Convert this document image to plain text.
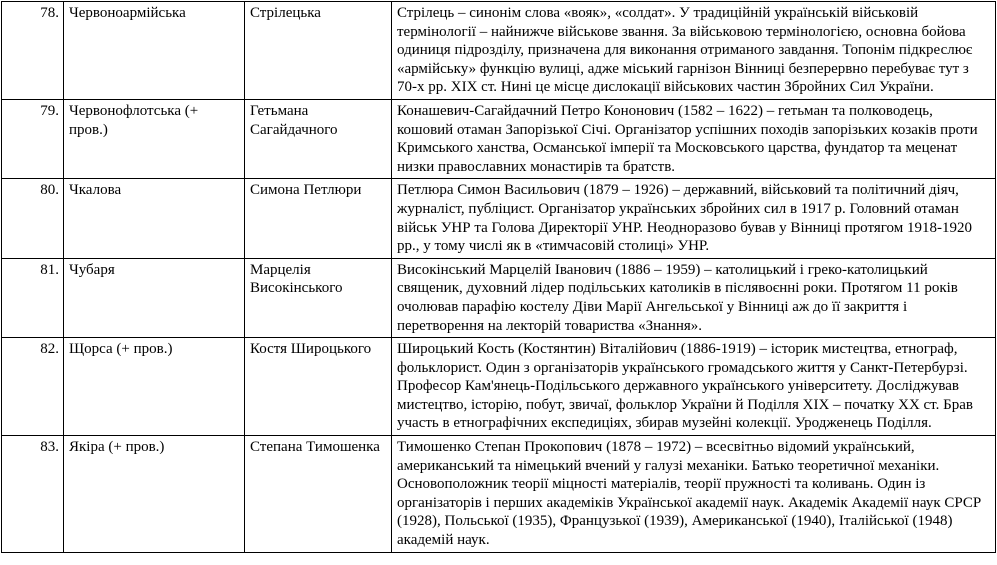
78.	Червоноармійська	Стрілецька	Стрілець – синонім слова «вояк», «солдат». У традиційній українській військовій термінології – найнижче військове звання. За військовою термінологією, основна бойова одиниця підрозділу, призначена для виконання отриманого завдання. Топонім підкреслює «армійську» функцію вулиці, адже міський гарнізон Вінниці безперервно перебуває тут з 70-х рр. XIX ст. Нині це місце дислокації військових частин Збройних Сил України.
79.	Червонофлотська (+ пров.)	Гетьмана Сагайдачного	Конашевич-Сагайдачний Петро Кононович (1582 – 1622) – гетьман та полководець, кошовий отаман Запорізької Січі. Організатор успішних походів запорізьких козаків проти Кримського ханства, Османської імперії та Московського царства, фундатор та меценат низки православних монастирів та братств.
80.	Чкалова	Симона Петлюри	Петлюра Симон Васильович (1879 – 1926) – державний, військовий та політичний діяч, журналіст, публіцист. Організатор українських збройних сил в 1917 р. Головний отаман військ УНР та Голова Директорії УНР. Неодноразово бував у Вінниці протягом 1918-1920 рр., у тому числі як в «тимчасовій столиці» УНР.
81.	Чубаря	Марцелія Високінського	Високінський Марцелій Іванович (1886 – 1959) – католицький і греко-католицький священик, духовний лідер подільських католиків в післявоєнні роки. Протягом 11 років очолював парафію костелу Діви Марії Ангельської у Вінниці аж до її закриття і перетворення на лекторій товариства «Знання».
82.	Щорса (+ пров.)	Костя Широцького	Широцький Кость (Костянтин) Віталійович (1886-1919) – історик мистецтва, етнограф, фольклорист. Один з організаторів українського громадського життя у Санкт-Петербурзі. Професор Кам'янець-Подільського державного українського університету. Досліджував мистецтво, історію, побут, звичаї, фольклор України й Поділля XIX – початку XX ст. Брав участь в етнографічних експедиціях, збирав музейні колекції. Уродженець Поділля.
83.	Якіра (+ пров.)	Степана Тимошенка	Тимошенко Степан Прокопович (1878 – 1972) – всесвітньо відомий український, американський та німецький вчений у галузі механіки. Батько теоретичної механіки. Основоположник теорії міцності матеріалів, теорії пружності та коливань. Один із організаторів і перших академіків Української академії наук. Академік Академії наук СРСР (1928), Польської (1935), Французької (1939), Американської (1940), Італійської (1948) академій наук.
